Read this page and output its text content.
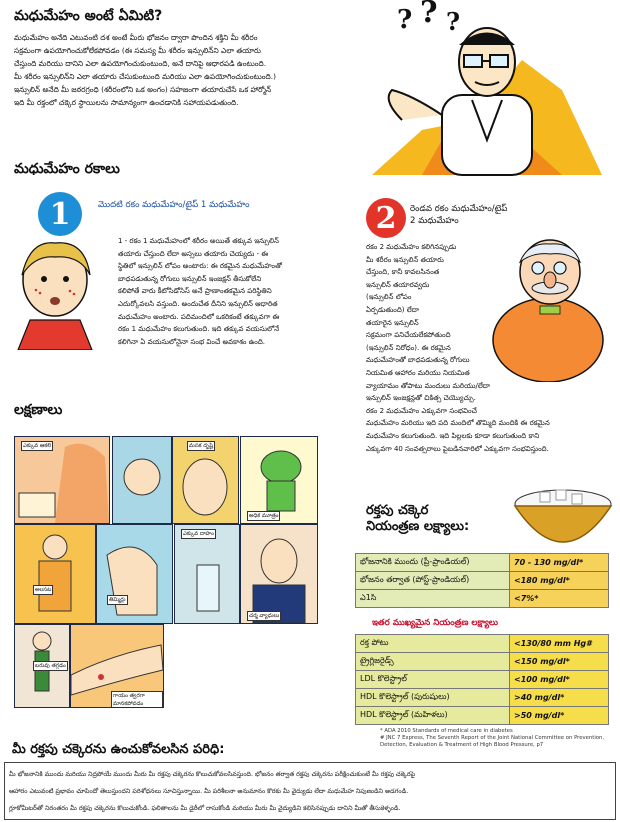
మధుమేహం అంటే ఏమిటి?
మధుమేహం అనేది ఎటువంటి దశ అంటే మీరు భోజనం ద్వారా పొందిన శక్తిని మీ శరీరం
సక్రమంగా ఉపయోగించుకోలేకపోవడం (ఈ సమస్య మీ శరీరం ఇన్సులిన్‌ని ఎలా తయారు
చేస్తుంది మరియు దానిని ఎలా ఉపయోగించుకుంటుంది, అనే దానిపై ఆధారపడి ఉంటుంది.
మీ శరీరం ఇన్సులిన్‌ని ఎలా తయారు చేసుకుంటుంది మరియు ఎలా ఉపయోగించుకుంటుంది.)
ఇన్సులిన్ అనేది మీ జఠరగ్రంధి (శరీరంలోని ఒక అంగం) సహజంగా తయారుచేసే ఒక హార్మోన్
ఇది మీ రక్తంలో చక్కెర స్థాయిలను సామాన్యంగా ఉంచడానికి సహాయపడుతుంది.
? ? ?
మధుమేహం రకాలు
1	మొదటి రకం మధుమేహం/టైప్ 1 మధుమేహం
1 - రకం 1 మధుమేహంలో శరీరం అయితే తక్కువ ఇన్సులిన్
తయారు చేస్తుంది లేదా అస్సలు తయారు చెయ్యదు - ఈ
స్థితిలో ఇన్సులిన్ లోపం అంటారు: ఈ రకమైన మధుమేహంతో
బాధపడుతున్న రోగులు ఇన్సులిన్ ఇంజక్షన్ తీసుకోలేని
కలిపోతే వారు కీటోసిడోసిస్ అనే ప్రాణాంతకమైన పరిస్థితిని
ఎదుర్కోవలసి వస్తుంది. అందుచేత దీనిని ఇన్సులిన్ ఆధారిత
మధుమేహం అంటారు. పదిమందిలో ఒకరికంటే తక్కువగా ఈ
రకం 1 మధుమేహం కలుగుతుంది. ఇది తక్కువ వయసులోనే
కలిగినా ఏ వయసులోనైనా సంభ వించే అవకాశం ఉంది.
2 రెండవ రకం మధుమేహం/టైప్
2 మధుమేహం
రకం 2 మధుమేహం కలిగినప్పుడు
మీ శరీరం ఇన్సులిన్ తయారు
చేస్తుంది, కానీ కావలసినంత
ఇన్సులిన్ తయారవ్వదు
(ఇన్సులిన్ లోపం
ఏర్పడుతుంది) లేదా
తయారైన ఇన్సులిన్
సక్రమంగా పనిచేయలేకపోతుంది
(ఇన్సులిన్ నిరోధం). ఈ రకమైన
మధుమేహంతో బాధపడుతున్న రోగులు
నియమిత ఆహారం మరియు నియమిత
వ్యాయామం తోపాటు మందులు మరియు/లేదా
ఇన్సులిన్ ఇంజక్షన్లతో చికిత్స చెయ్యొచ్చు.
రకం 2 మధుమేహం ఎక్కువగా సంభవించే
మధుమేహం మరియు ఇది పది మందిలో తొమ్మిది మందికి ఈ రకమైన
మధుమేహం కలుగుతుంది. ఇది పిల్లలకు కూడా కలుగుతుంది కాని
ఎక్కువగా 40 సంవత్సరాలు పైబడినవారిలో ఎక్కువగా సంభవిస్తుంది.
లక్షణాలు
ఎక్కువ ఆకలి	మసక దృష్టి
అధిక మూత్రం
అలసట
తిమ్మిర్లు
ఎక్కువ దాహం
చర్మ వ్యాధులు
బరువు తగ్గడం
గాయం త్వరగా మానకపోవడం
రక్తపు చక్కెర
నియంత్రణ లక్ష్యాలు:
భోజనానికి ముందు (ప్రీ-ప్రాండియల్)	70 - 130 mg/dl*
భోజనం తర్వాత (పోస్ట్-ప్రాండియల్)	<180 mg/dl*
ఎ1సి	<7%*
ఇతర ముఖ్యమైన నియంత్రణ లక్ష్యాలు
రక్త పోటు	<130/80 mm Hg#
ట్రైగ్లిజరైడ్స్	<150 mg/dl*
LDL కొలెస్ట్రాల్	<100 mg/dl*
HDL కొలెస్ట్రాల్ (పురుషులు)	>40 mg/dl*
HDL కొలెస్ట్రాల్ (మహిళలు)	>50 mg/dl*
* ADA 2010 Standards of medical care in diabetes
# JNC 7 Express, The Seventh Report of the Joint National Committee on Prevention,
Detection, Evaluation & Treatment of High Blood Pressure, p7
మీ రక్తపు చక్కెరను ఉంచుకోవలసిన పరిధి:
మీ భోజనానికి ముందు మరియు నిద్రపోయే ముందు మీరు మీ రక్తపు చక్కెరను కొలుచుకోవలసివస్తుంది. భోజనం తర్వాత రక్తపు చక్కెరను పరీక్షించుకుంటే మీ రక్తపు చక్కెరపై
ఆహారం ఎటువంటి ప్రభావం చూపిందో తెలుస్తుందని పరిశోధనలు సూచిస్తున్నాయి. మీ పరిశీలనా అనుమానం కొరకు మీ వైద్యుడు లేదా మధుమేహ నిపుణుడిని అడగండి.
గ్లూకోమీటర్‌తో నిరంతరం మీ రక్తపు చక్కెరను కొలుచుకోండి. ఫలితాలను మీ డైరీలో రాసుకోండి మరియు మీరు మీ వైద్యుడిని కలిసినప్పుడు దానిని మీతో తీసుకెళ్ళండి.
